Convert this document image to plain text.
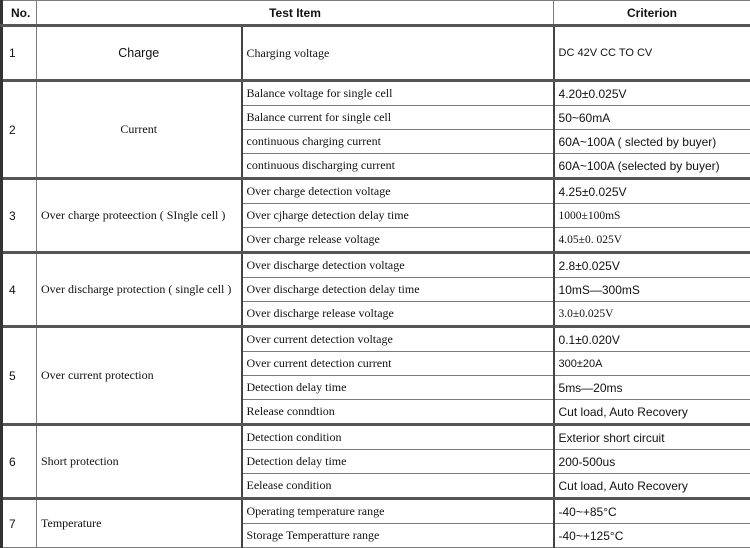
No.	Test Item		Criterion
1	Charge	Charging voltage	DC 42V CC TO CV
2	Current	Balance voltage for single cell	4.20±0.025V
		Balance current for single cell	50~60mA
		continuous charging current	60A~100A ( slected by buyer)
		continuous discharging current	60A~100A (selected by buyer)
3	Over charge proteection ( SIngle cell )	Over charge detection voltage	4.25±0.025V
		Over cjharge detection delay time	1000±100mS
		Over charge release voltage	4.05±0. 025V
4	Over discharge protection ( single cell )	Over discharge detection voltage	2.8±0.025V
		Over discharge detection delay time	10mS—300mS
		Over discharge release voltage	3.0±0.025V
5	Over current protection	Over current detection voltage	0.1±0.020V
		Over current detection current	300±20A
		Detection delay time	5ms—20ms
		Release conndtion	Cut load, Auto Recovery
6	Short protection	Detection condition	Exterior short circuit
		Detection delay time	200-500us
		Eelease condition	Cut load, Auto Recovery
7	Temperature	Operating temperature range	-40~+85°C
		Storage Temperatture range	-40~+125°C
